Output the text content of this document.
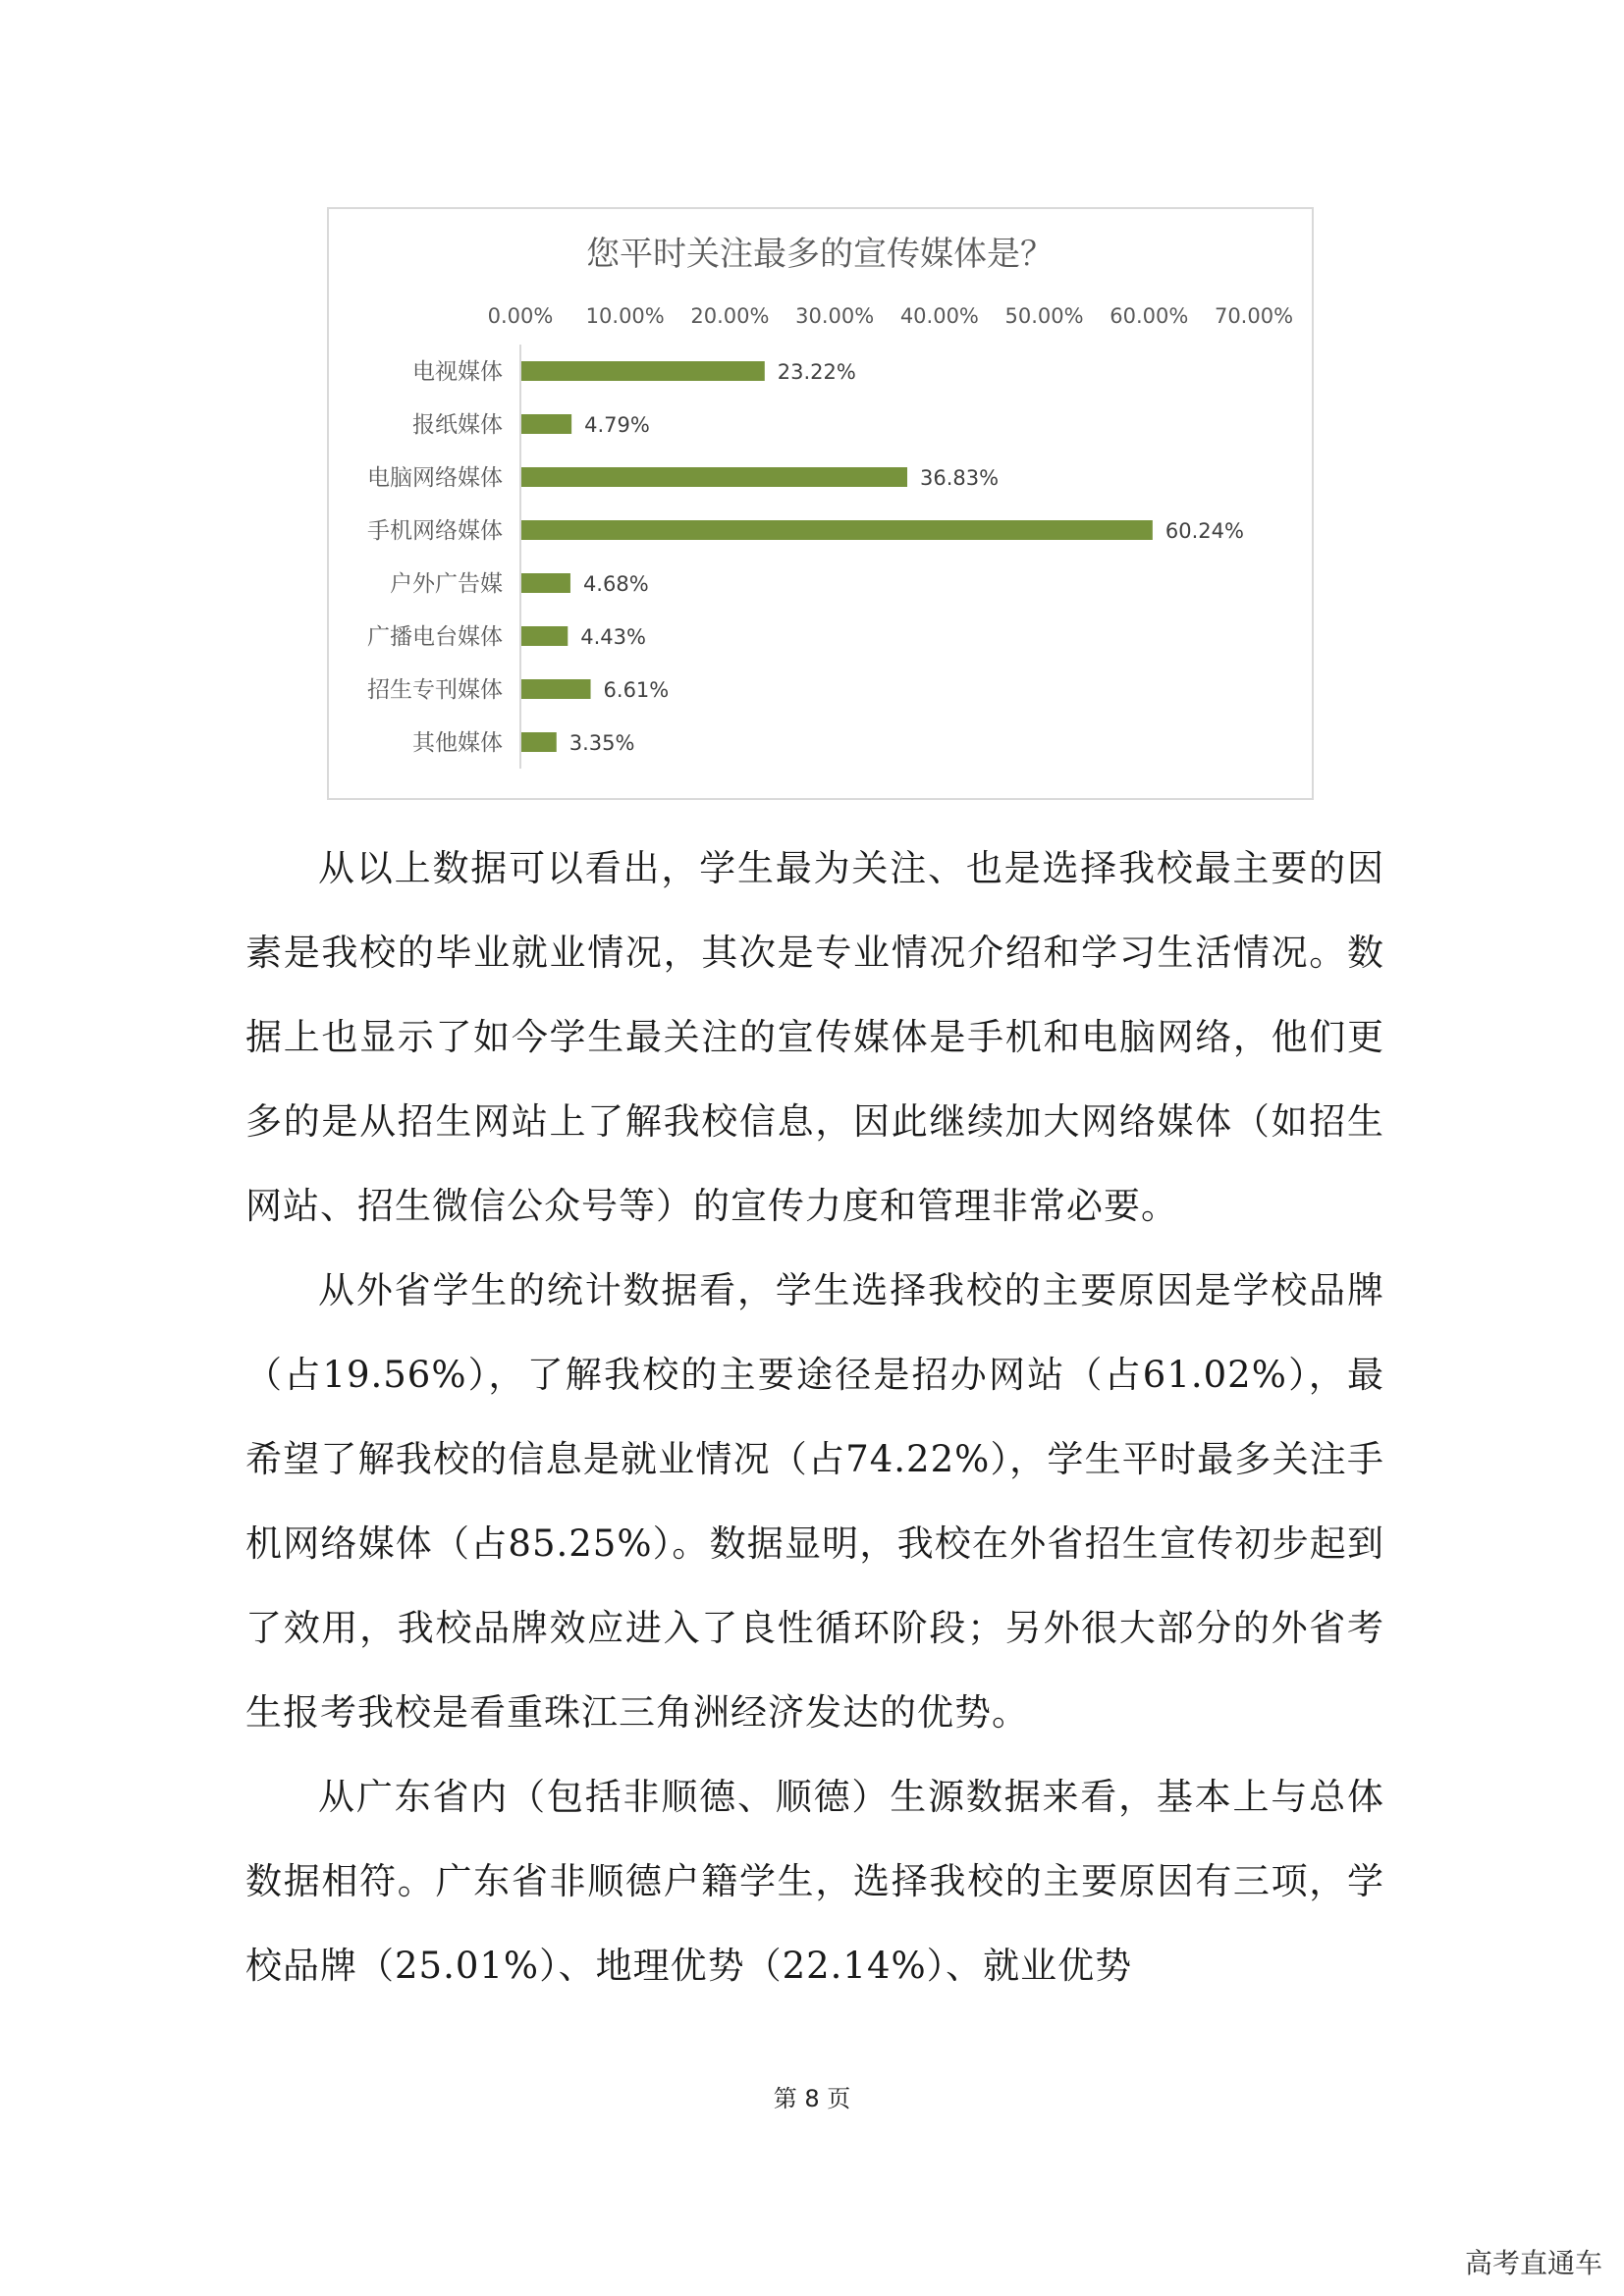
您平时关注最多的宣传媒体是？
0.00% 10.00% 20.00% 30.00% 40.00% 50.00% 60.00% 70.00%
电视媒体	23.22%
报纸媒体	4.79%
电脑网络媒体	36.83%
手机网络媒体	60.24%
户外广告媒	4.68%
广播电台媒体	4.43%
招生专刊媒体	6.61%
其他媒体	3.35%

从以上数据可以看出，学生最为关注、也是选择我校最主要的因素是我校的毕业就业情况，其次是专业情况介绍和学习生活情况。数据上也显示了如今学生最关注的宣传媒体是手机和电脑网络，他们更多的是从招生网站上了解我校信息，因此继续加大网络媒体（如招生网站、招生微信公众号等）的宣传力度和管理非常必要。

从外省学生的统计数据看，学生选择我校的主要原因是学校品牌（占19.56%），了解我校的主要途径是招办网站（占61.02%），最希望了解我校的信息是就业情况（占74.22%），学生平时最多关注手机网络媒体（占85.25%）。数据显明，我校在外省招生宣传初步起到了效用，我校品牌效应进入了良性循环阶段；另外很大部分的外省考生报考我校是看重珠江三角洲经济发达的优势。

从广东省内（包括非顺德、顺德）生源数据来看，基本上与总体数据相符。广东省非顺德户籍学生，选择我校的主要原因有三项，学校品牌（25.01%）、地理优势（22.14%）、就业优势

第 8 页
高考直通车
